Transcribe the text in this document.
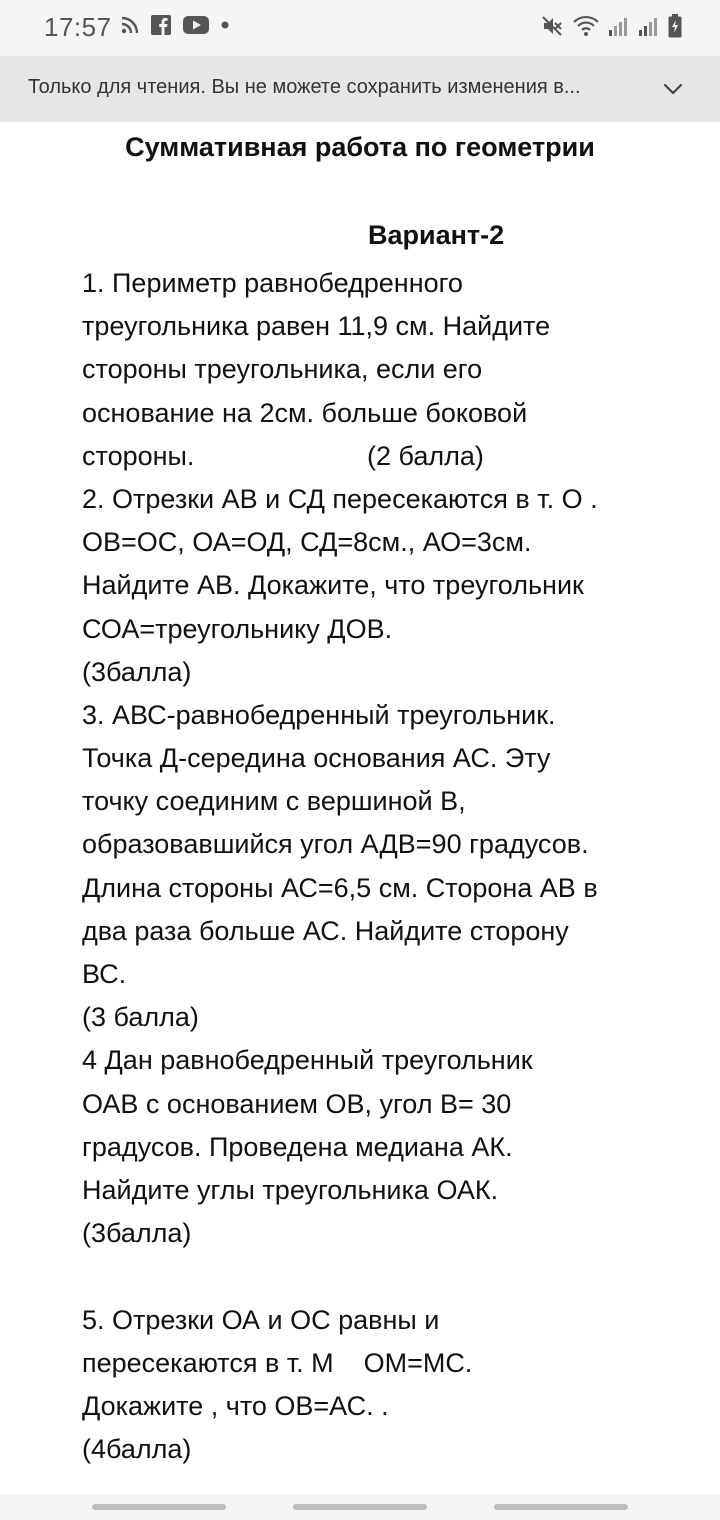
17:57
Только для чтения. Вы не можете сохранить изменения в...
Суммативная работа по геометрии
Вариант-2
1. Периметр равнобедренного
треугольника равен 11,9 см. Найдите
стороны треугольника, если его
основание на 2см. больше боковой
стороны.                       (2 балла)
2. Отрезки АВ и СД пересекаются в т. О .
ОВ=ОС, ОА=ОД, СД=8см., АО=3см.
Найдите АВ. Докажите, что треугольник
СОА=треугольнику ДОВ.
(3балла)
3. АВС-равнобедренный треугольник.
Точка Д-середина основания АС. Эту
точку соединим с вершиной В,
образовавшийся угол АДВ=90 градусов.
Длина стороны АС=6,5 см. Сторона АВ в
два раза больше АС. Найдите сторону
ВС.
(3 балла)
4 Дан равнобедренный треугольник
ОАВ с основанием ОВ, угол В= 30
градусов. Проведена медиана АК.
Найдите углы треугольника ОАК.
(3балла)
5. Отрезки ОА и ОС равны и
пересекаются в т. М    ОМ=МС.
Докажите , что ОВ=АС. .
(4балла)
